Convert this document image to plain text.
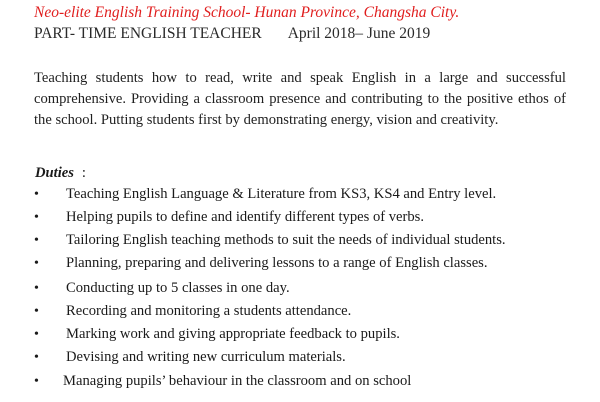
Neo-elite English Training School- Hunan Province, Changsha City.
PART- TIME ENGLISH TEACHER April 2018– June 2019

Teaching students how to read, write and speak English in a large and successful comprehensive. Providing a classroom presence and contributing to the positive ethos of the school. Putting students first by demonstrating energy, vision and creativity.

Duties :
• Teaching English Language & Literature from KS3, KS4 and Entry level.
• Helping pupils to define and identify different types of verbs.
• Tailoring English teaching methods to suit the needs of individual students.
• Planning, preparing and delivering lessons to a range of English classes.
• Conducting up to 5 classes in one day.
• Recording and monitoring a students attendance.
• Marking work and giving appropriate feedback to pupils.
• Devising and writing new curriculum materials.
• Managing pupils’ behaviour in the classroom and on school
